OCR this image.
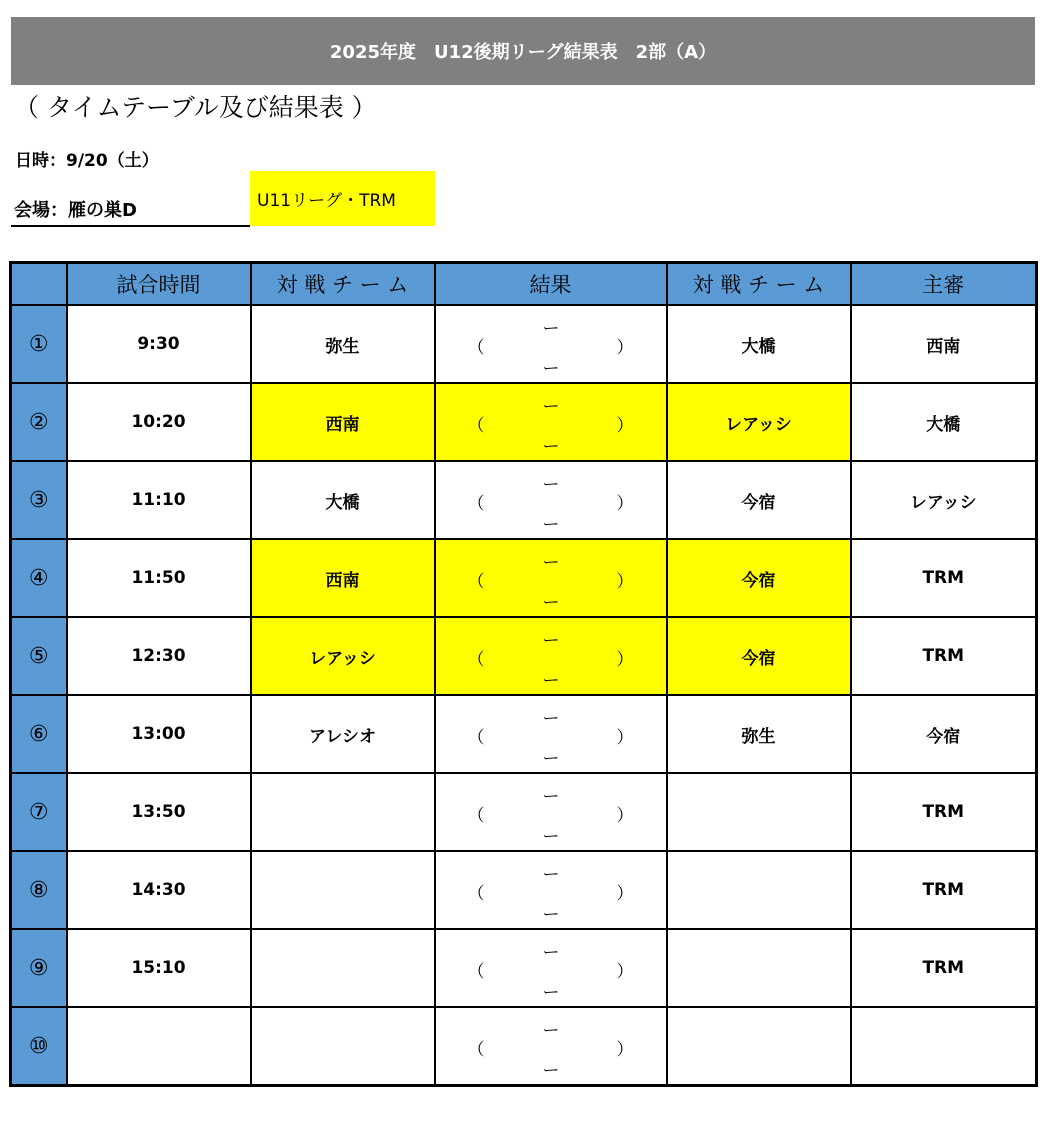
2025年度　U12後期リーグ結果表　2部（A）
（ タイムテーブル及び結果表 ）
日時：9/20（土）
会場：雁の巣D	U11リーグ・TRM
	試合時間	対 戦 チ ー ム	結果	対 戦 チ ー ム	主審
①	9:30	弥生	（
ー
ー
）	大橋	西南
②	10:20	西南	（
ー
ー
）	レアッシ	大橋
③	11:10	大橋	（
ー
ー
）	今宿	レアッシ
④	11:50	西南	（
ー
ー
）	今宿	TRM
⑤	12:30	レアッシ	（
ー
ー
）	今宿	TRM
⑥	13:00	アレシオ	（
ー
ー
）	弥生	今宿
⑦	13:50		（
ー
ー
）		TRM
⑧	14:30		（
ー
ー
）		TRM
⑨	15:10		（
ー
ー
）		TRM
⑩			（
ー
ー
）		
